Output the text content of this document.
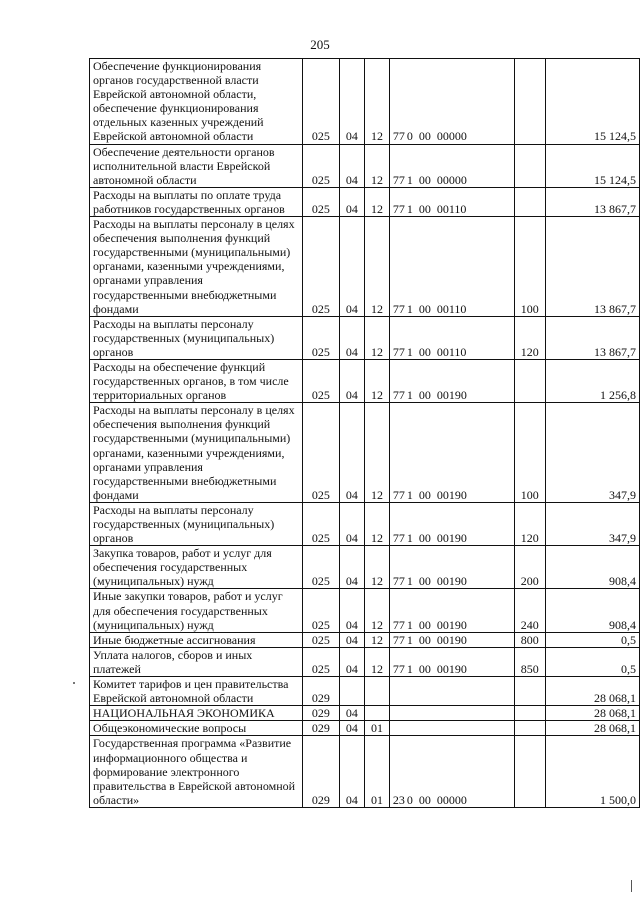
205
Обеспечение функционирования органов государственной власти Еврейской автономной области, обеспечение функционирования отдельных казенных учреждений Еврейской автономной области	025	04	12	77 0 00 00000		15 124,5
Обеспечение деятельности органов исполнительной власти Еврейской автономной области	025	04	12	77 1 00 00000		15 124,5
Расходы на выплаты по оплате труда работников государственных органов	025	04	12	77 1 00 00110		13 867,7
Расходы на выплаты персоналу в целях обеспечения выполнения функций государственными (муниципальными) органами, казенными учреждениями, органами управления государственными внебюджетными фондами	025	04	12	77 1 00 00110	100	13 867,7
Расходы на выплаты персоналу государственных (муниципальных) органов	025	04	12	77 1 00 00110	120	13 867,7
Расходы на обеспечение функций государственных органов, в том числе территориальных органов	025	04	12	77 1 00 00190		1 256,8
Расходы на выплаты персоналу в целях обеспечения выполнения функций государственными (муниципальными) органами, казенными учреждениями, органами управления государственными внебюджетными фондами	025	04	12	77 1 00 00190	100	347,9
Расходы на выплаты персоналу государственных (муниципальных) органов	025	04	12	77 1 00 00190	120	347,9
Закупка товаров, работ и услуг для обеспечения государственных (муниципальных) нужд	025	04	12	77 1 00 00190	200	908,4
Иные закупки товаров, работ и услуг для обеспечения государственных (муниципальных) нужд	025	04	12	77 1 00 00190	240	908,4
Иные бюджетные ассигнования	025	04	12	77 1 00 00190	800	0,5
Уплата налогов, сборов и иных платежей	025	04	12	77 1 00 00190	850	0,5
Комитет тарифов и цен правительства Еврейской автономной области	029					28 068,1
НАЦИОНАЛЬНАЯ ЭКОНОМИКА	029	04				28 068,1
Общеэкономические вопросы	029	04	01			28 068,1
Государственная программа «Развитие информационного общества и формирование электронного правительства в Еврейской автономной области»	029	04	01	23 0 00 00000		1 500,0
